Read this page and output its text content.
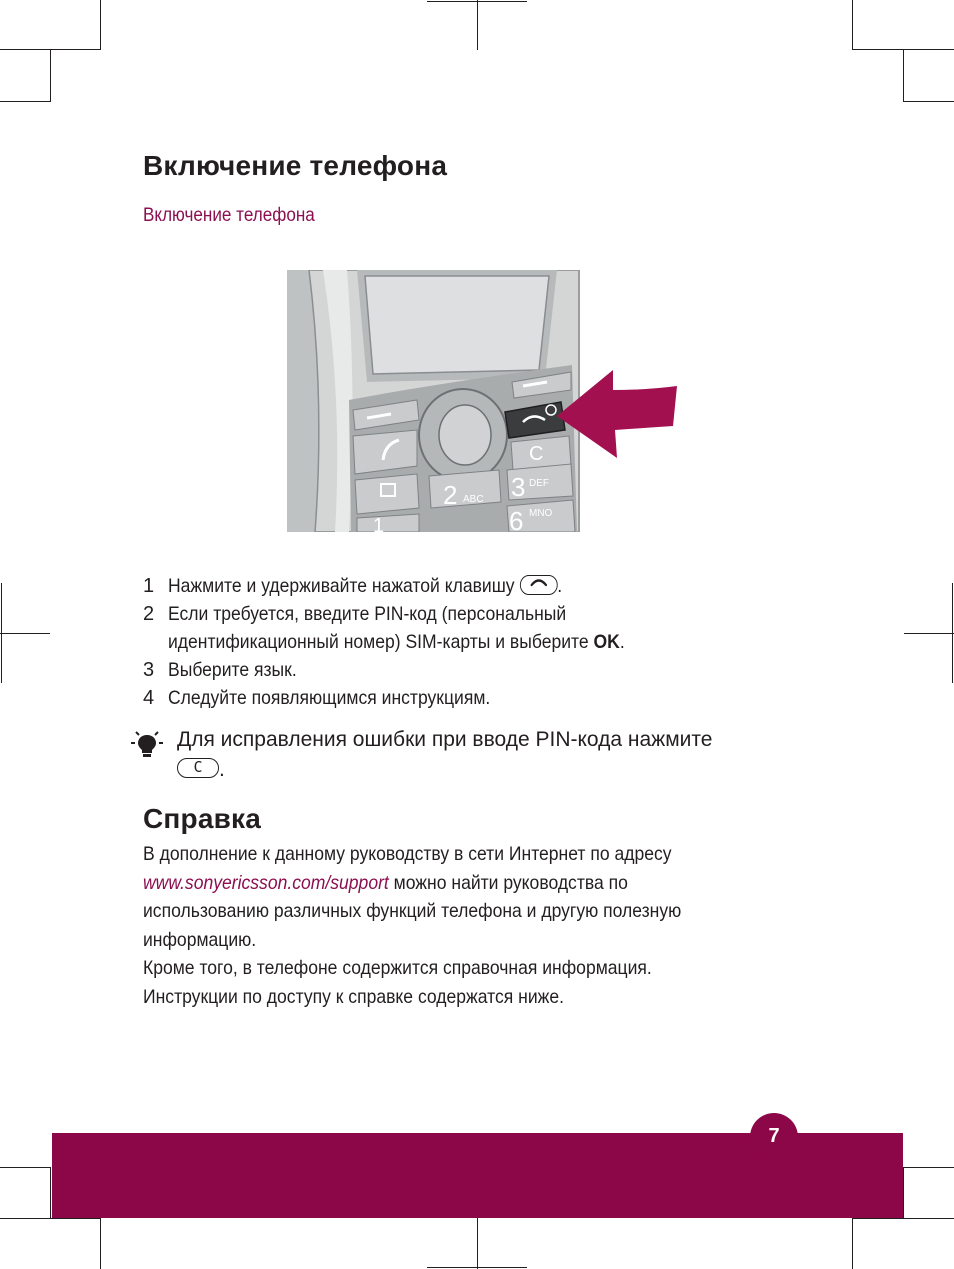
Включение телефона
Включение телефона
C
2 ABC 3 DEF
6 MNO
1
1 Нажмите и удерживайте нажатой клавишу .
2 Если требуется, введите PIN-код (персональный
идентификационный номер) SIM-карты и выберите OK.
3 Выберите язык.
4 Следуйте появляющимся инструкциям.
Для исправления ошибки при вводе PIN-кода нажмите
C .
Справка
В дополнение к данному руководству в сети Интернет по адресу
www.sonyericsson.com/support можно найти руководства по
использованию различных функций телефона и другую полезную
информацию.
Кроме того, в телефоне содержится справочная информация.
Инструкции по доступу к справке содержатся ниже.
7
